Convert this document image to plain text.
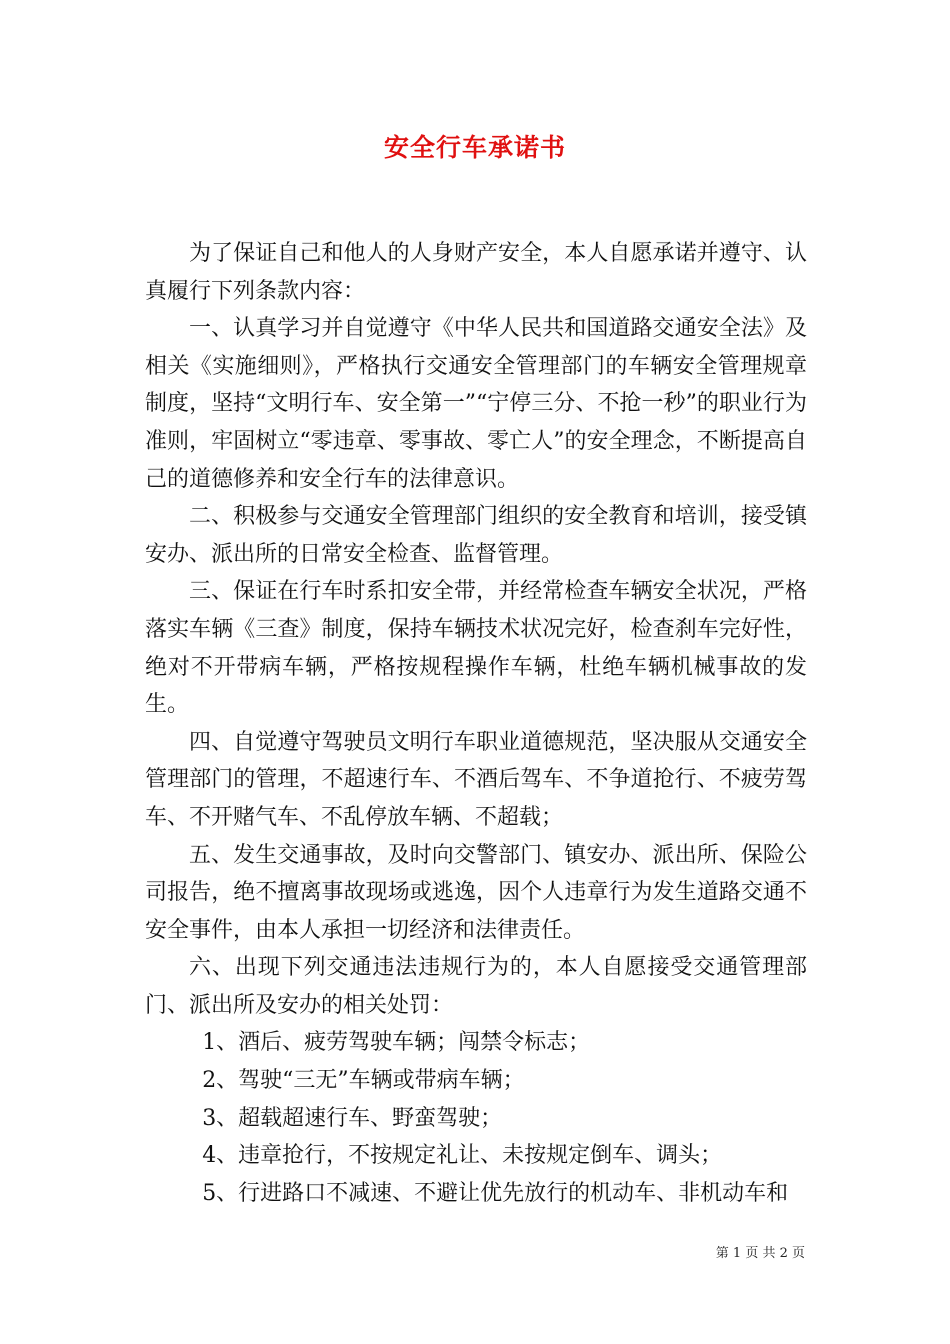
安全行车承诺书

为了保证自己和他人的人身财产安全，本人自愿承诺并遵守、认真履行下列条款内容：

一、认真学习并自觉遵守《中华人民共和国道路交通安全法》及相关《实施细则》，严格执行交通安全管理部门的车辆安全管理规章制度，坚持“文明行车、安全第一”“宁停三分、不抢一秒”的职业行为准则，牢固树立“零违章、零事故、零亡人”的安全理念，不断提高自己的道德修养和安全行车的法律意识。

二、积极参与交通安全管理部门组织的安全教育和培训，接受镇安办、派出所的日常安全检查、监督管理。

三、保证在行车时系扣安全带，并经常检查车辆安全状况，严格落实车辆《三查》制度，保持车辆技术状况完好，检查刹车完好性，绝对不开带病车辆，严格按规程操作车辆，杜绝车辆机械事故的发生。

四、自觉遵守驾驶员文明行车职业道德规范，坚决服从交通安全管理部门的管理，不超速行车、不酒后驾车、不争道抢行、不疲劳驾车、不开赌气车、不乱停放车辆、不超载；

五、发生交通事故，及时向交警部门、镇安办、派出所、保险公司报告，绝不擅离事故现场或逃逸，因个人违章行为发生道路交通不安全事件，由本人承担一切经济和法律责任。

六、出现下列交通违法违规行为的，本人自愿接受交通管理部门、派出所及安办的相关处罚：

1、酒后、疲劳驾驶车辆；闯禁令标志；

2、驾驶“三无”车辆或带病车辆；

3、超载超速行车、野蛮驾驶；

4、违章抢行，不按规定礼让、未按规定倒车、调头；

5、行进路口不减速、不避让优先放行的机动车、非机动车和

第 1 页 共 2 页
